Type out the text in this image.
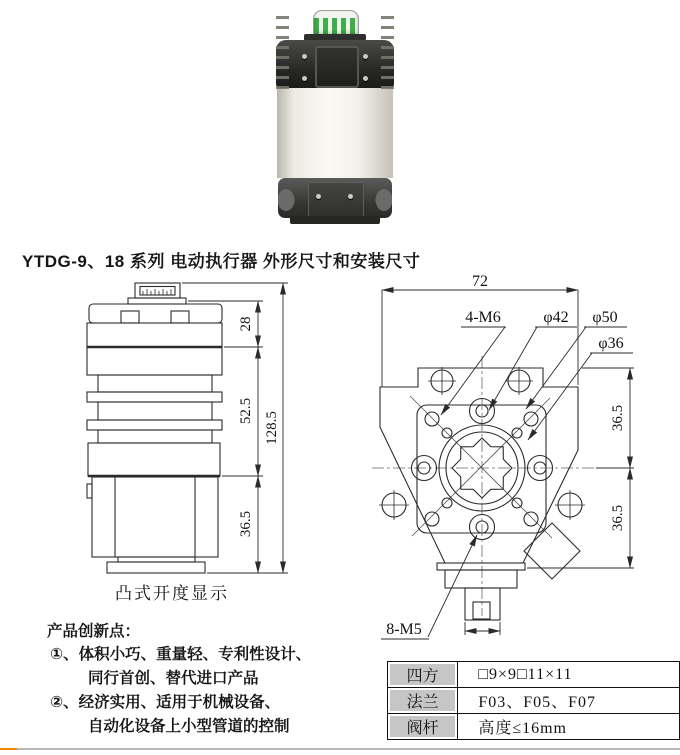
YTDG-9、18 系列 电动执行器 外形尺寸和安装尺寸
28
52.5
36.5
128.5
凸式开度显示
72
4-M6	φ42 φ50
φ36
8-M5
36.5
36.5
产品创新点：
①、体积小巧、重量轻、专利性设计、
同行首创、替代进口产品
②、经济实用、适用于机械设备、
自动化设备上小型管道的控制
四方	□9×9□11×11
法兰	F03、F05、F07
阀杆	高度≤16mm
